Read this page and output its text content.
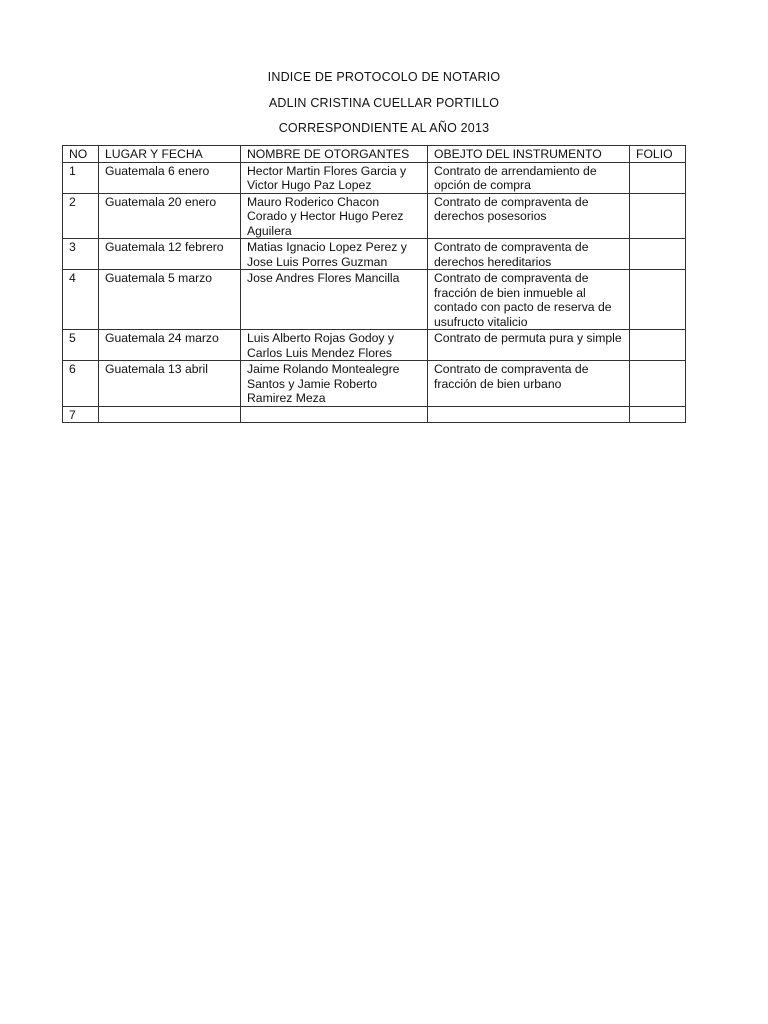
INDICE DE PROTOCOLO DE NOTARIO
ADLIN CRISTINA CUELLAR PORTILLO
CORRESPONDIENTE AL AÑO 2013
NO	LUGAR Y FECHA	NOMBRE DE OTORGANTES	OBEJTO DEL INSTRUMENTO	FOLIO
1	Guatemala 6 enero	Hector Martin Flores Garcia y Victor Hugo Paz Lopez	Contrato de arrendamiento de opción de compra	
2	Guatemala 20 enero	Mauro Roderico Chacon Corado y Hector Hugo Perez Aguilera	Contrato de compraventa de derechos posesorios	
3	Guatemala 12 febrero	Matias Ignacio Lopez Perez y Jose Luis Porres Guzman	Contrato de compraventa de derechos hereditarios	
4	Guatemala 5 marzo	Jose Andres Flores Mancilla	Contrato de compraventa de fracción de bien inmueble al contado con pacto de reserva de usufructo vitalicio	
5	Guatemala 24 marzo	Luis Alberto Rojas Godoy y Carlos Luis Mendez Flores	Contrato de permuta pura y simple	
6	Guatemala 13 abril	Jaime Rolando Montealegre Santos y Jamie Roberto Ramirez Meza	Contrato de compraventa de fracción de bien urbano	
7				
